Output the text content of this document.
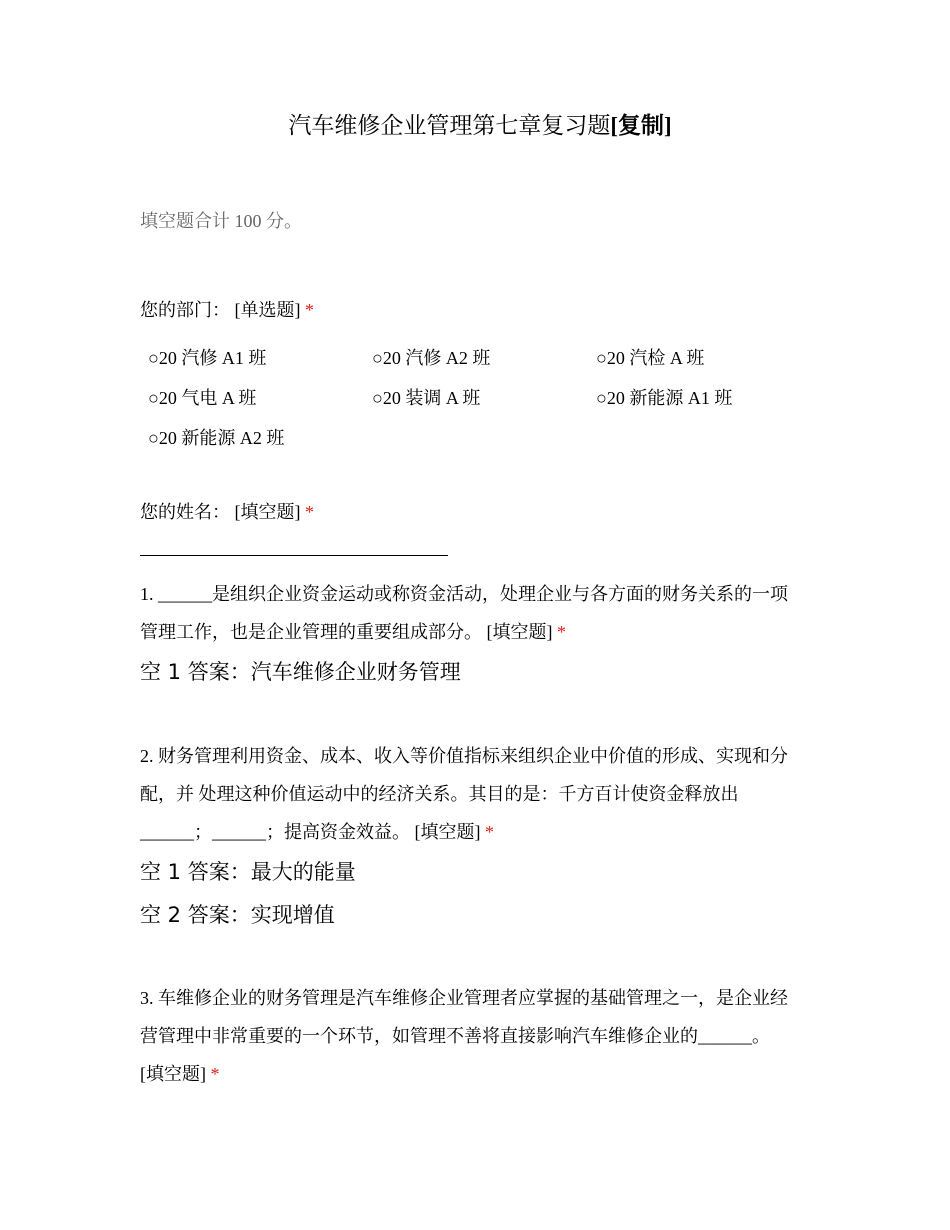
汽车维修企业管理第七章复习题[复制]
填空题合计 100 分。
您的部门： [单选题] *
○20 汽修 A1 班	○20 汽修 A2 班	○20 汽检 A 班
○20 气电 A 班	○20 装调 A 班	○20 新能源 A1 班
○20 新能源 A2 班
您的姓名： [填空题] *
1. ______是组织企业资金运动或称资金活动，处理企业与各方面的财务关系的一项
管理工作，也是企业管理的重要组成部分。 [填空题] *
空 1 答案：汽车维修企业财务管理
2. 财务管理利用资金、成本、收入等价值指标来组织企业中价值的形成、实现和分
配，并 处理这种价值运动中的经济关系。其目的是：千方百计使资金释放出
______；______；提高资金效益。 [填空题] *
空 1 答案：最大的能量
空 2 答案：实现增值
3. 车维修企业的财务管理是汽车维修企业管理者应掌握的基础管理之一，是企业经
营管理中非常重要的一个环节，如管理不善将直接影响汽车维修企业的______。
[填空题] *
